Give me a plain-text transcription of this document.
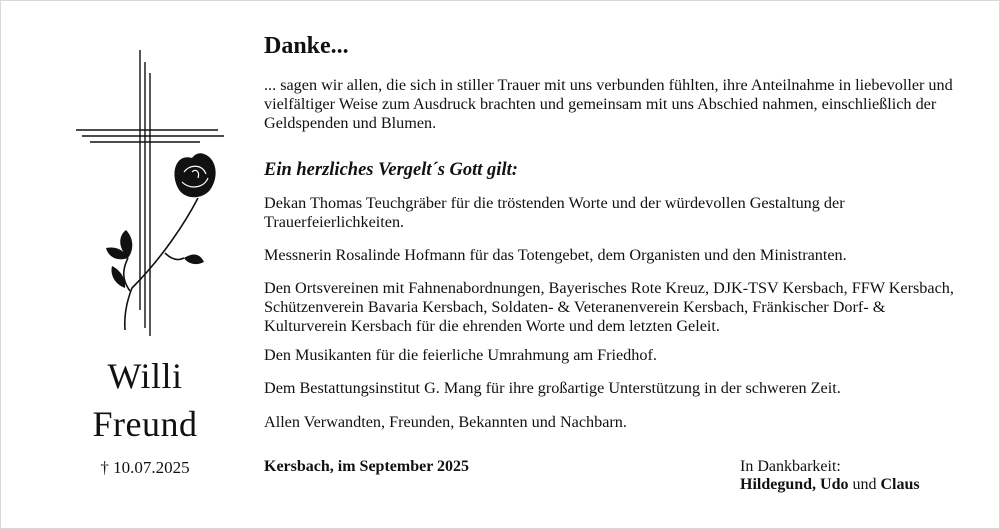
Willi
Freund
† 10.07.2025
Danke...

... sagen wir allen, die sich in stiller Trauer mit uns verbunden fühlten, ihre Anteilnahme in liebevoller und vielfältiger Weise zum Ausdruck brachten und gemeinsam mit uns Abschied nahmen, einschließlich der Geldspenden und Blumen.

Ein herzliches Vergelt´s Gott gilt:

Dekan Thomas Teuchgräber für die tröstenden Worte und der würdevollen Gestaltung der Trauerfeierlichkeiten.

Messnerin Rosalinde Hofmann für das Totengebet, dem Organisten und den Ministranten.

Den Ortsvereinen mit Fahnenabordnungen, Bayerisches Rote Kreuz, DJK-TSV Kersbach, FFW Kersbach, Schützenverein Bavaria Kersbach, Soldaten- & Veteranenverein Kersbach, Fränkischer Dorf- & Kulturverein Kersbach für die ehrenden Worte und dem letzten Geleit.

Den Musikanten für die feierliche Umrahmung am Friedhof.

Dem Bestattungsinstitut G. Mang für ihre großartige Unterstützung in der schweren Zeit.

Allen Verwandten, Freunden, Bekannten und Nachbarn.

Kersbach, im September 2025	In Dankbarkeit:
Hildegund, Udo und Claus
